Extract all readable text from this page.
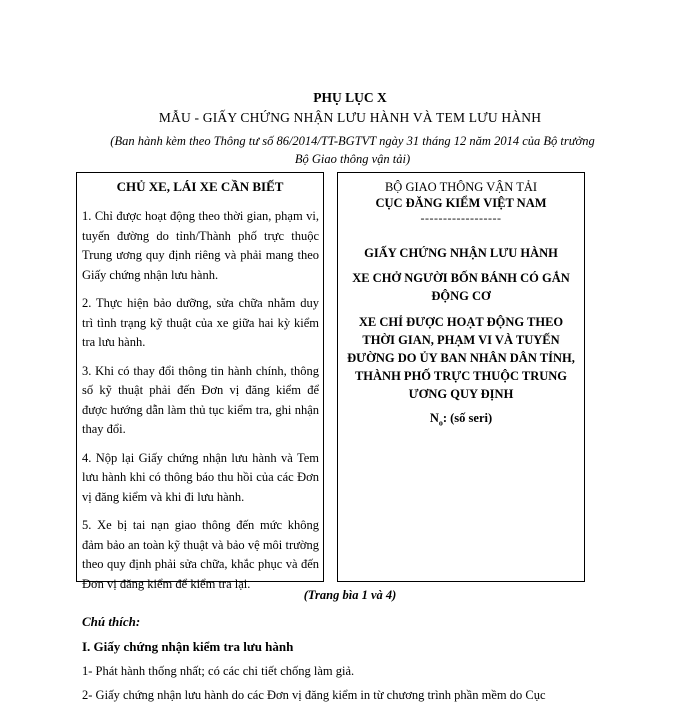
PHỤ LỤC X
MẪU - GIẤY CHỨNG NHẬN LƯU HÀNH VÀ TEM LƯU HÀNH
(Ban hành kèm theo Thông tư số 86/2014/TT-BGTVT ngày 31 tháng 12 năm 2014 của Bộ trưởng
Bộ Giao thông vận tải)
CHỦ XE, LÁI XE CẦN BIẾT
1. Chỉ được hoạt động theo thời gian, phạm vi, tuyến đường do tỉnh/Thành phố trực thuộc Trung ương quy định riêng và phải mang theo Giấy chứng nhận lưu hành.
2. Thực hiện bảo dưỡng, sửa chữa nhằm duy trì tình trạng kỹ thuật của xe giữa hai kỳ kiểm tra lưu hành.
3. Khi có thay đổi thông tin hành chính, thông số kỹ thuật phải đến Đơn vị đăng kiểm để được hướng dẫn làm thủ tục kiểm tra, ghi nhận thay đổi.
4. Nộp lại Giấy chứng nhận lưu hành và Tem lưu hành khi có thông báo thu hồi của các Đơn vị đăng kiểm và khi đi lưu hành.
5. Xe bị tai nạn giao thông đến mức không đảm bảo an toàn kỹ thuật và bảo vệ môi trường theo quy định phải sửa chữa, khắc phục và đến Đơn vị đăng kiểm để kiểm tra lại.
BỘ GIAO THÔNG VẬN TẢI
CỤC ĐĂNG KIỂM VIỆT NAM
------------------
GIẤY CHỨNG NHẬN LƯU HÀNH
XE CHỞ NGƯỜI BỐN BÁNH CÓ GẮN ĐỘNG CƠ
XE CHỈ ĐƯỢC HOẠT ĐỘNG THEO THỜI GIAN, PHẠM VI VÀ TUYẾN ĐƯỜNG DO ỦY BAN NHÂN DÂN TỈNH, THÀNH PHỐ TRỰC THUỘC TRUNG ƯƠNG QUY ĐỊNH
$N_o$: (số seri)
(Trang bìa 1 và 4)
Chú thích:
I. Giấy chứng nhận kiểm tra lưu hành
1- Phát hành thống nhất; có các chi tiết chống làm giả.
2- Giấy chứng nhận lưu hành do các Đơn vị đăng kiểm in từ chương trình phần mềm do Cục
